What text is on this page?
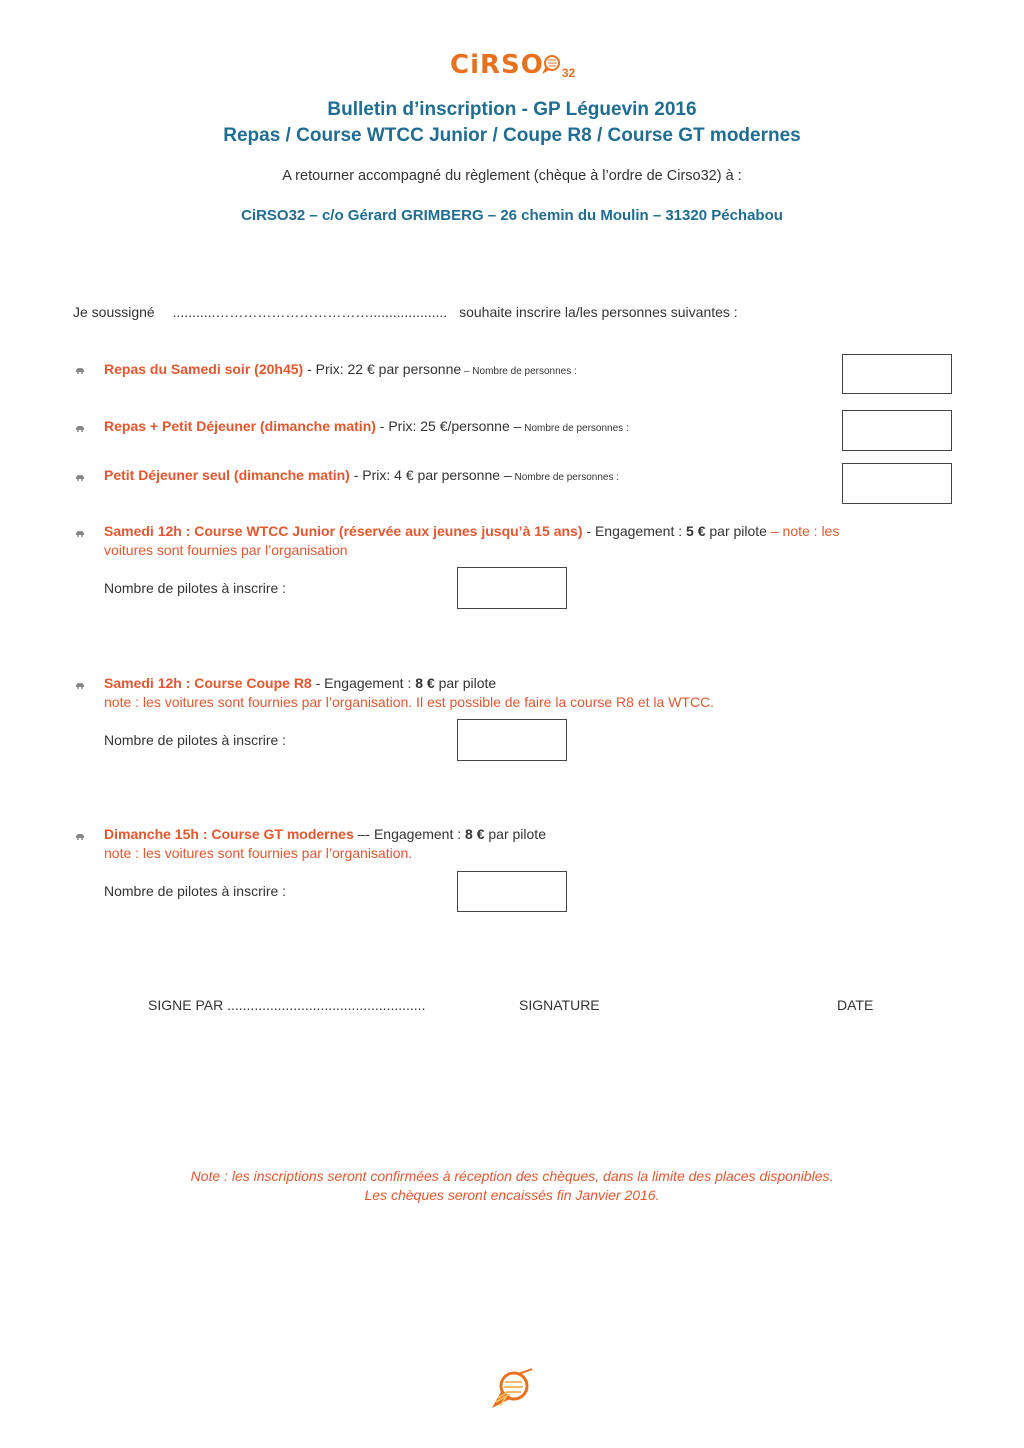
CiRSO $_{32}$
Bulletin d’inscription - GP Léguevin 2016
Repas / Course WTCC Junior / Coupe R8 / Course GT modernes
A retourner accompagné du règlement (chèque à l’ordre de Cirso32) à :
CiRSO32 – c/o Gérard GRIMBERG – 26 chemin du Moulin – 31320 Péchabou
Je soussigné ...........…………………………….................... souhaite inscrire la/les personnes suivantes :
Repas du Samedi soir (20h45) - Prix: 22 € par personne – Nombre de personnes :
Repas + Petit Déjeuner (dimanche matin) - Prix: 25 €/personne – Nombre de personnes :
Petit Déjeuner seul (dimanche matin) - Prix: 4 € par personne – Nombre de personnes :
Samedi 12h : Course WTCC Junior (réservée aux jeunes jusqu’à 15 ans) - Engagement : 5 € par pilote – note : les
voitures sont fournies par l’organisation
Nombre de pilotes à inscrire :
Samedi 12h : Course Coupe R8 - Engagement : 8 € par pilote
note : les voitures sont fournies par l’organisation. Il est possible de faire la course R8 et la WTCC.
Nombre de pilotes à inscrire :
Dimanche 15h : Course GT modernes –- Engagement : 8 € par pilote
note : les voitures sont fournies par l’organisation.
Nombre de pilotes à inscrire :
SIGNE PAR ...................................................	SIGNATURE	DATE
Note : les inscriptions seront confirmées à réception des chèques, dans la limite des places disponibles.
Les chèques seront encaissés fin Janvier 2016.
